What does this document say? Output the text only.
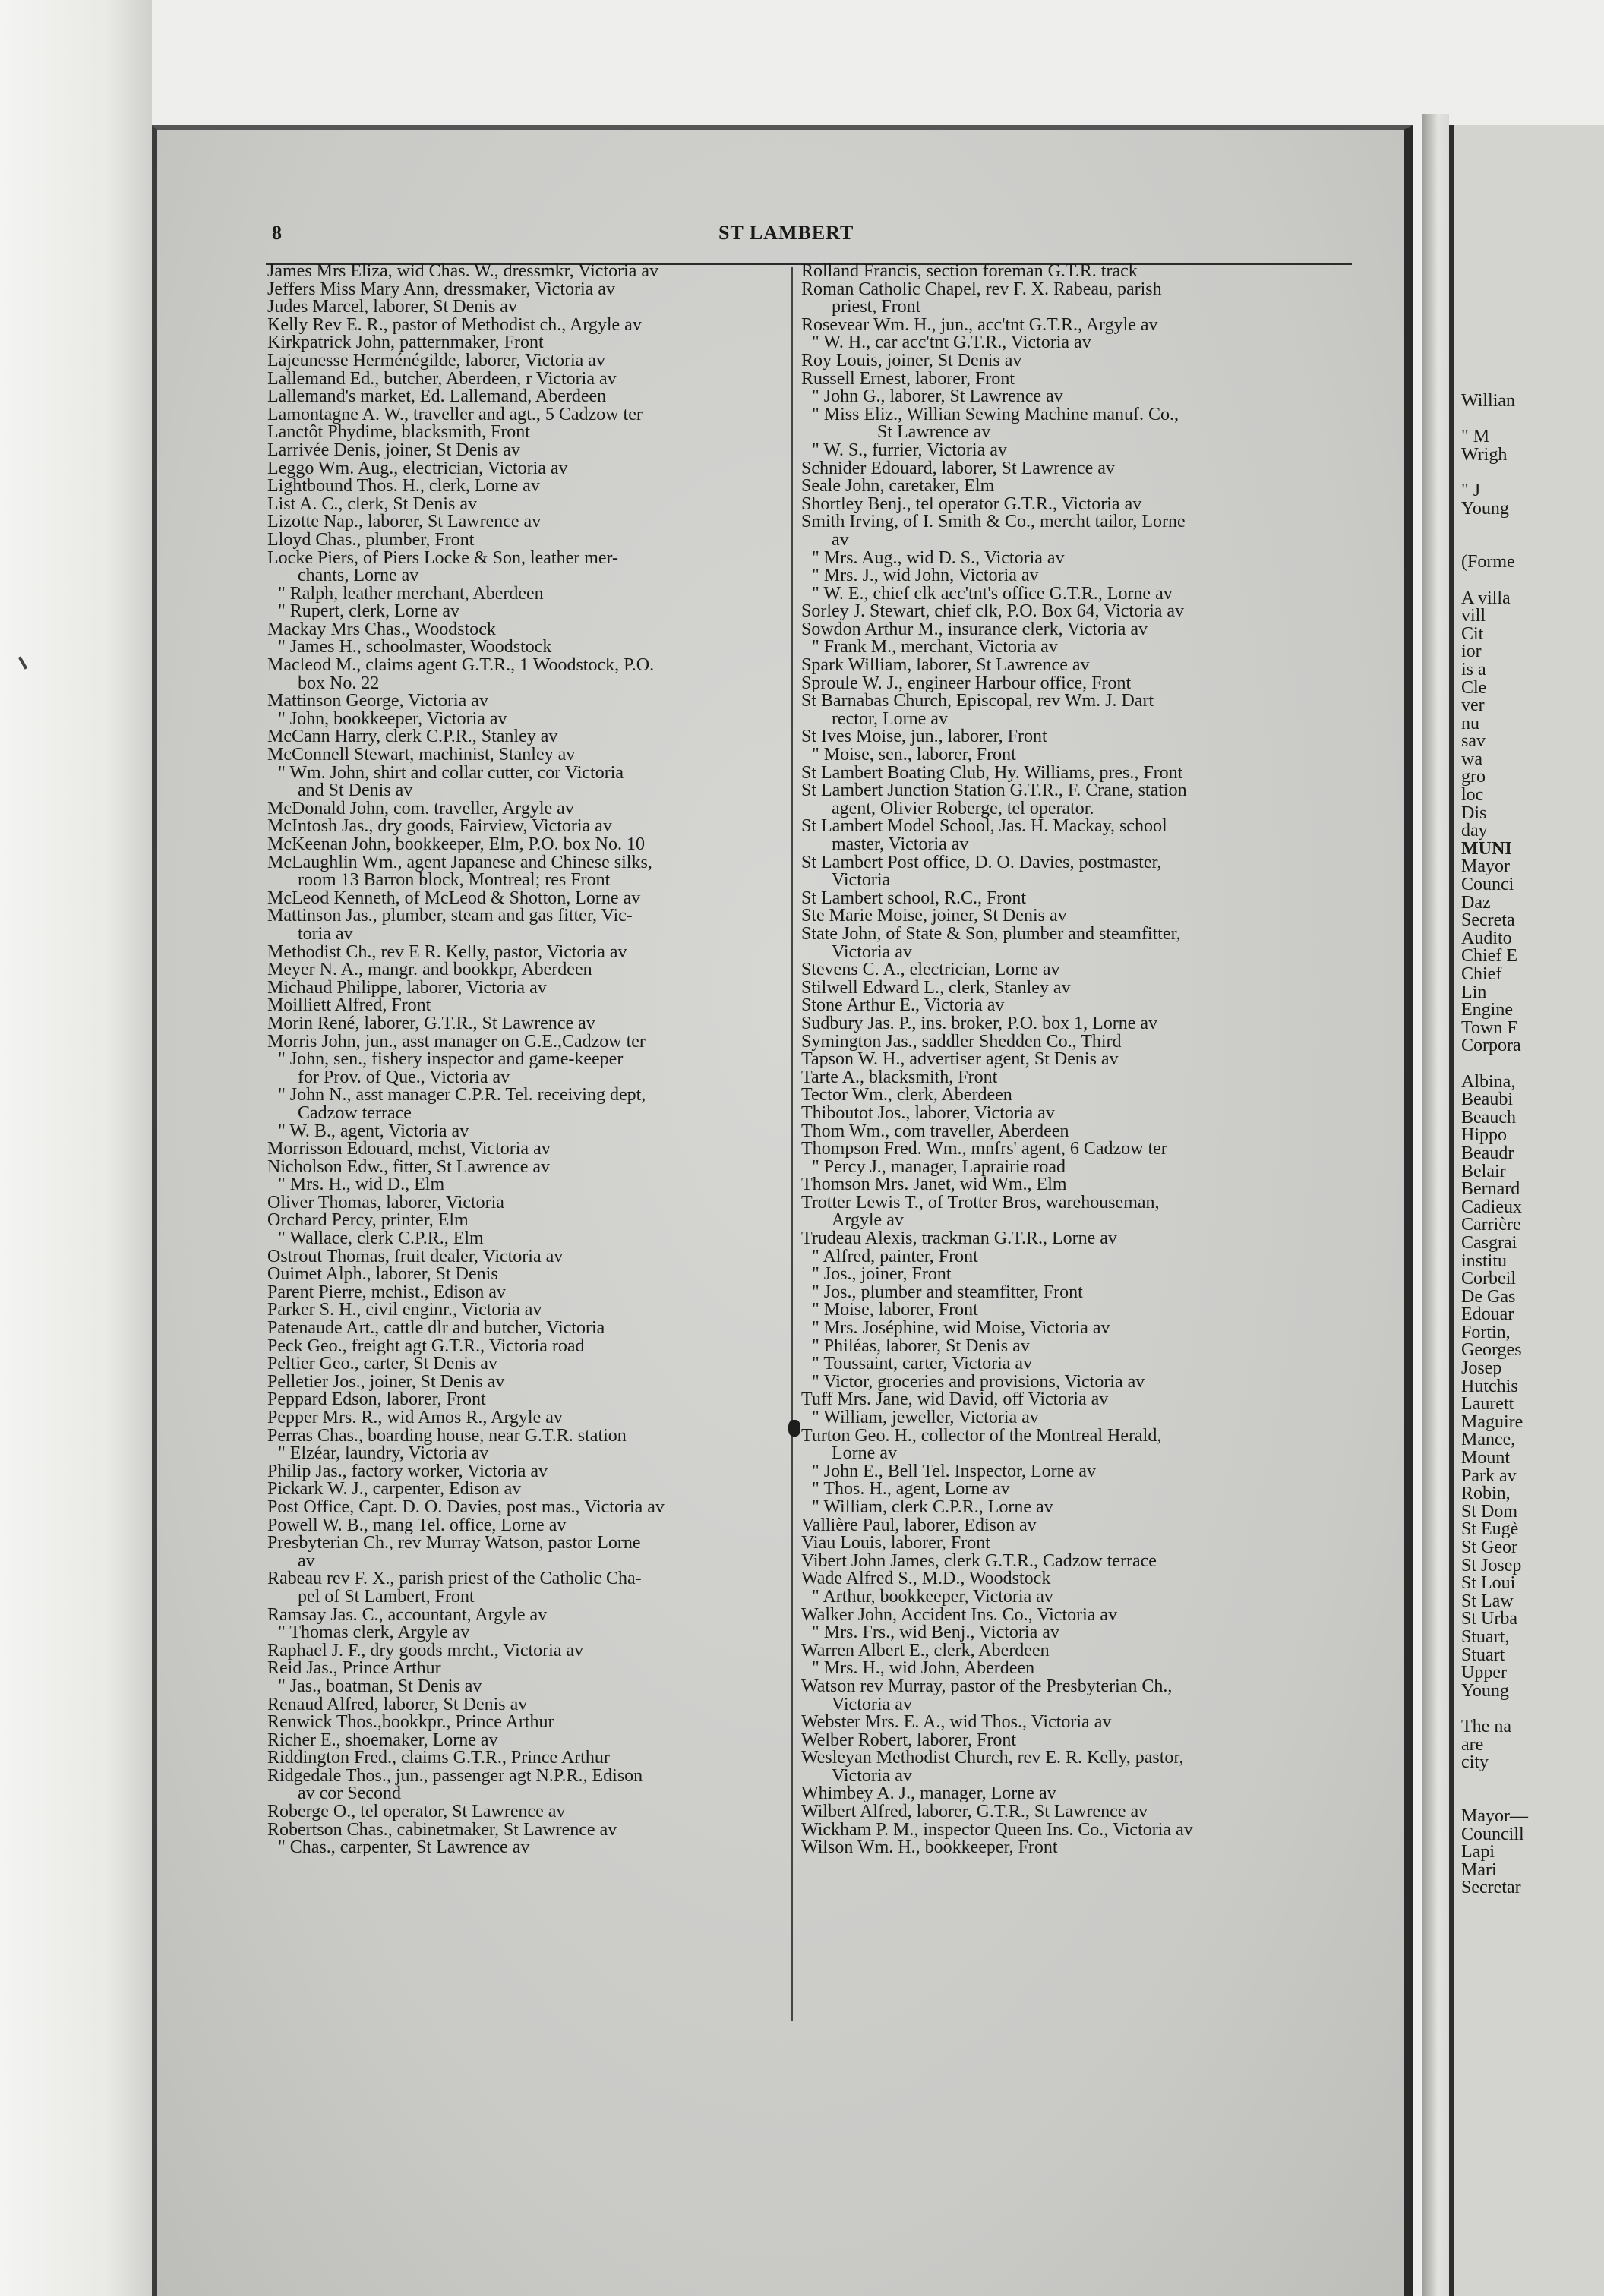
8	ST LAMBERT
James Mrs Eliza, wid Chas. W., dressmkr, Victoria av
Jeffers Miss Mary Ann, dressmaker, Victoria av
Judes Marcel, laborer, St Denis av
Kelly Rev E. R., pastor of Methodist ch., Argyle av
Kirkpatrick John, patternmaker, Front
Lajeunesse Herménégilde, laborer, Victoria av
Lallemand Ed., butcher, Aberdeen, r Victoria av
Lallemand's market, Ed. Lallemand, Aberdeen
Lamontagne A. W., traveller and agt., 5 Cadzow ter
Lanctôt Phydime, blacksmith, Front
Larrivée Denis, joiner, St Denis av
Leggo Wm. Aug., electrician, Victoria av
Lightbound Thos. H., clerk, Lorne av
List A. C., clerk, St Denis av
Lizotte Nap., laborer, St Lawrence av
Lloyd Chas., plumber, Front
Locke Piers, of Piers Locke & Son, leather mer-
chants, Lorne av
" Ralph, leather merchant, Aberdeen
" Rupert, clerk, Lorne av
Mackay Mrs Chas., Woodstock
" James H., schoolmaster, Woodstock
Macleod M., claims agent G.T.R., 1 Woodstock, P.O.
box No. 22
Mattinson George, Victoria av
" John, bookkeeper, Victoria av
McCann Harry, clerk C.P.R., Stanley av
McConnell Stewart, machinist, Stanley av
" Wm. John, shirt and collar cutter, cor Victoria
and St Denis av
McDonald John, com. traveller, Argyle av
McIntosh Jas., dry goods, Fairview, Victoria av
McKeenan John, bookkeeper, Elm, P.O. box No. 10
McLaughlin Wm., agent Japanese and Chinese silks,
room 13 Barron block, Montreal; res Front
McLeod Kenneth, of McLeod & Shotton, Lorne av
Mattinson Jas., plumber, steam and gas fitter, Vic-
toria av
Methodist Ch., rev E R. Kelly, pastor, Victoria av
Meyer N. A., mangr. and bookkpr, Aberdeen
Michaud Philippe, laborer, Victoria av
Moilliett Alfred, Front
Morin René, laborer, G.T.R., St Lawrence av
Morris John, jun., asst manager on G.E.,Cadzow ter
" John, sen., fishery inspector and game-keeper
for Prov. of Que., Victoria av
" John N., asst manager C.P.R. Tel. receiving dept,
Cadzow terrace
" W. B., agent, Victoria av
Morrisson Edouard, mchst, Victoria av
Nicholson Edw., fitter, St Lawrence av
" Mrs. H., wid D., Elm
Oliver Thomas, laborer, Victoria
Orchard Percy, printer, Elm
" Wallace, clerk C.P.R., Elm
Ostrout Thomas, fruit dealer, Victoria av
Ouimet Alph., laborer, St Denis
Parent Pierre, mchist., Edison av
Parker S. H., civil enginr., Victoria av
Patenaude Art., cattle dlr and butcher, Victoria
Peck Geo., freight agt G.T.R., Victoria road
Peltier Geo., carter, St Denis av
Pelletier Jos., joiner, St Denis av
Peppard Edson, laborer, Front
Pepper Mrs. R., wid Amos R., Argyle av
Perras Chas., boarding house, near G.T.R. station
" Elzéar, laundry, Victoria av
Philip Jas., factory worker, Victoria av
Pickark W. J., carpenter, Edison av
Post Office, Capt. D. O. Davies, post mas., Victoria av
Powell W. B., mang Tel. office, Lorne av
Presbyterian Ch., rev Murray Watson, pastor Lorne
av
Rabeau rev F. X., parish priest of the Catholic Cha-
pel of St Lambert, Front
Ramsay Jas. C., accountant, Argyle av
" Thomas clerk, Argyle av
Raphael J. F., dry goods mrcht., Victoria av
Reid Jas., Prince Arthur
" Jas., boatman, St Denis av
Renaud Alfred, laborer, St Denis av
Renwick Thos.,bookkpr., Prince Arthur
Richer E., shoemaker, Lorne av
Riddington Fred., claims G.T.R., Prince Arthur
Ridgedale Thos., jun., passenger agt N.P.R., Edison
av cor Second
Roberge O., tel operator, St Lawrence av
Robertson Chas., cabinetmaker, St Lawrence av
" Chas., carpenter, St Lawrence av
Rolland Francis, section foreman G.T.R. track
Roman Catholic Chapel, rev F. X. Rabeau, parish
priest, Front
Rosevear Wm. H., jun., acc'tnt G.T.R., Argyle av
" W. H., car acc'tnt G.T.R., Victoria av
Roy Louis, joiner, St Denis av
Russell Ernest, laborer, Front
" John G., laborer, St Lawrence av
" Miss Eliz., Willian Sewing Machine manuf. Co.,
St Lawrence av
" W. S., furrier, Victoria av
Schnider Edouard, laborer, St Lawrence av
Seale John, caretaker, Elm
Shortley Benj., tel operator G.T.R., Victoria av
Smith Irving, of I. Smith & Co., mercht tailor, Lorne
av
" Mrs. Aug., wid D. S., Victoria av
" Mrs. J., wid John, Victoria av
" W. E., chief clk acc'tnt's office G.T.R., Lorne av
Sorley J. Stewart, chief clk, P.O. Box 64, Victoria av
Sowdon Arthur M., insurance clerk, Victoria av
" Frank M., merchant, Victoria av
Spark William, laborer, St Lawrence av
Sproule W. J., engineer Harbour office, Front
St Barnabas Church, Episcopal, rev Wm. J. Dart
rector, Lorne av
St Ives Moise, jun., laborer, Front
" Moise, sen., laborer, Front
St Lambert Boating Club, Hy. Williams, pres., Front
St Lambert Junction Station G.T.R., F. Crane, station
agent, Olivier Roberge, tel operator.
St Lambert Model School, Jas. H. Mackay, school
master, Victoria av
St Lambert Post office, D. O. Davies, postmaster,
Victoria
St Lambert school, R.C., Front
Ste Marie Moise, joiner, St Denis av
State John, of State & Son, plumber and steamfitter,
Victoria av
Stevens C. A., electrician, Lorne av
Stilwell Edward L., clerk, Stanley av
Stone Arthur E., Victoria av
Sudbury Jas. P., ins. broker, P.O. box 1, Lorne av
Symington Jas., saddler Shedden Co., Third
Tapson W. H., advertiser agent, St Denis av
Tarte A., blacksmith, Front
Tector Wm., clerk, Aberdeen
Thiboutot Jos., laborer, Victoria av
Thom Wm., com traveller, Aberdeen
Thompson Fred. Wm., mnfrs' agent, 6 Cadzow ter
" Percy J., manager, Laprairie road
Thomson Mrs. Janet, wid Wm., Elm
Trotter Lewis T., of Trotter Bros, warehouseman,
Argyle av
Trudeau Alexis, trackman G.T.R., Lorne av
" Alfred, painter, Front
" Jos., joiner, Front
" Jos., plumber and steamfitter, Front
" Moise, laborer, Front
" Mrs. Joséphine, wid Moise, Victoria av
" Philéas, laborer, St Denis av
" Toussaint, carter, Victoria av
" Victor, groceries and provisions, Victoria av
Tuff Mrs. Jane, wid David, off Victoria av
" William, jeweller, Victoria av
Turton Geo. H., collector of the Montreal Herald,
Lorne av
" John E., Bell Tel. Inspector, Lorne av
" Thos. H., agent, Lorne av
" William, clerk C.P.R., Lorne av
Vallière Paul, laborer, Edison av
Viau Louis, laborer, Front
Vibert John James, clerk G.T.R., Cadzow terrace
Wade Alfred S., M.D., Woodstock
" Arthur, bookkeeper, Victoria av
Walker John, Accident Ins. Co., Victoria av
" Mrs. Frs., wid Benj., Victoria av
Warren Albert E., clerk, Aberdeen
" Mrs. H., wid John, Aberdeen
Watson rev Murray, pastor of the Presbyterian Ch.,
Victoria av
Webster Mrs. E. A., wid Thos., Victoria av
Welber Robert, laborer, Front
Wesleyan Methodist Church, rev E. R. Kelly, pastor,
Victoria av
Whimbey A. J., manager, Lorne av
Wilbert Alfred, laborer, G.T.R., St Lawrence av
Wickham P. M., inspector Queen Ins. Co., Victoria av
Wilson Wm. H., bookkeeper, Front
Willian
" M
Wrigh
" J
Young
(Forme
A villa
vill
Cit
ior
is a
Cle
ver
nu
sav
wa
gro
loc
Dis
day
MUNI
Mayor
Counci
Daz
Secreta
Audito
Chief E
Chief
Lin
Engine
Town F
Corpora
Albina,
Beaubi
Beauch
Hippo
Beaudr
Belair
Bernard
Cadieux
Carrière
Casgrai
institu
Corbeil
De Gas
Edouar
Fortin,
Georges
Josep
Hutchis
Laurett
Maguire
Mance,
Mount
Park av
Robin,
St Dom
St Eugè
St Geor
St Josep
St Loui
St Law
St Urba
Stuart,
Stuart
Upper
Young
The na
are
city
Mayor—
Councill
Lapi
Mari
Secretar
